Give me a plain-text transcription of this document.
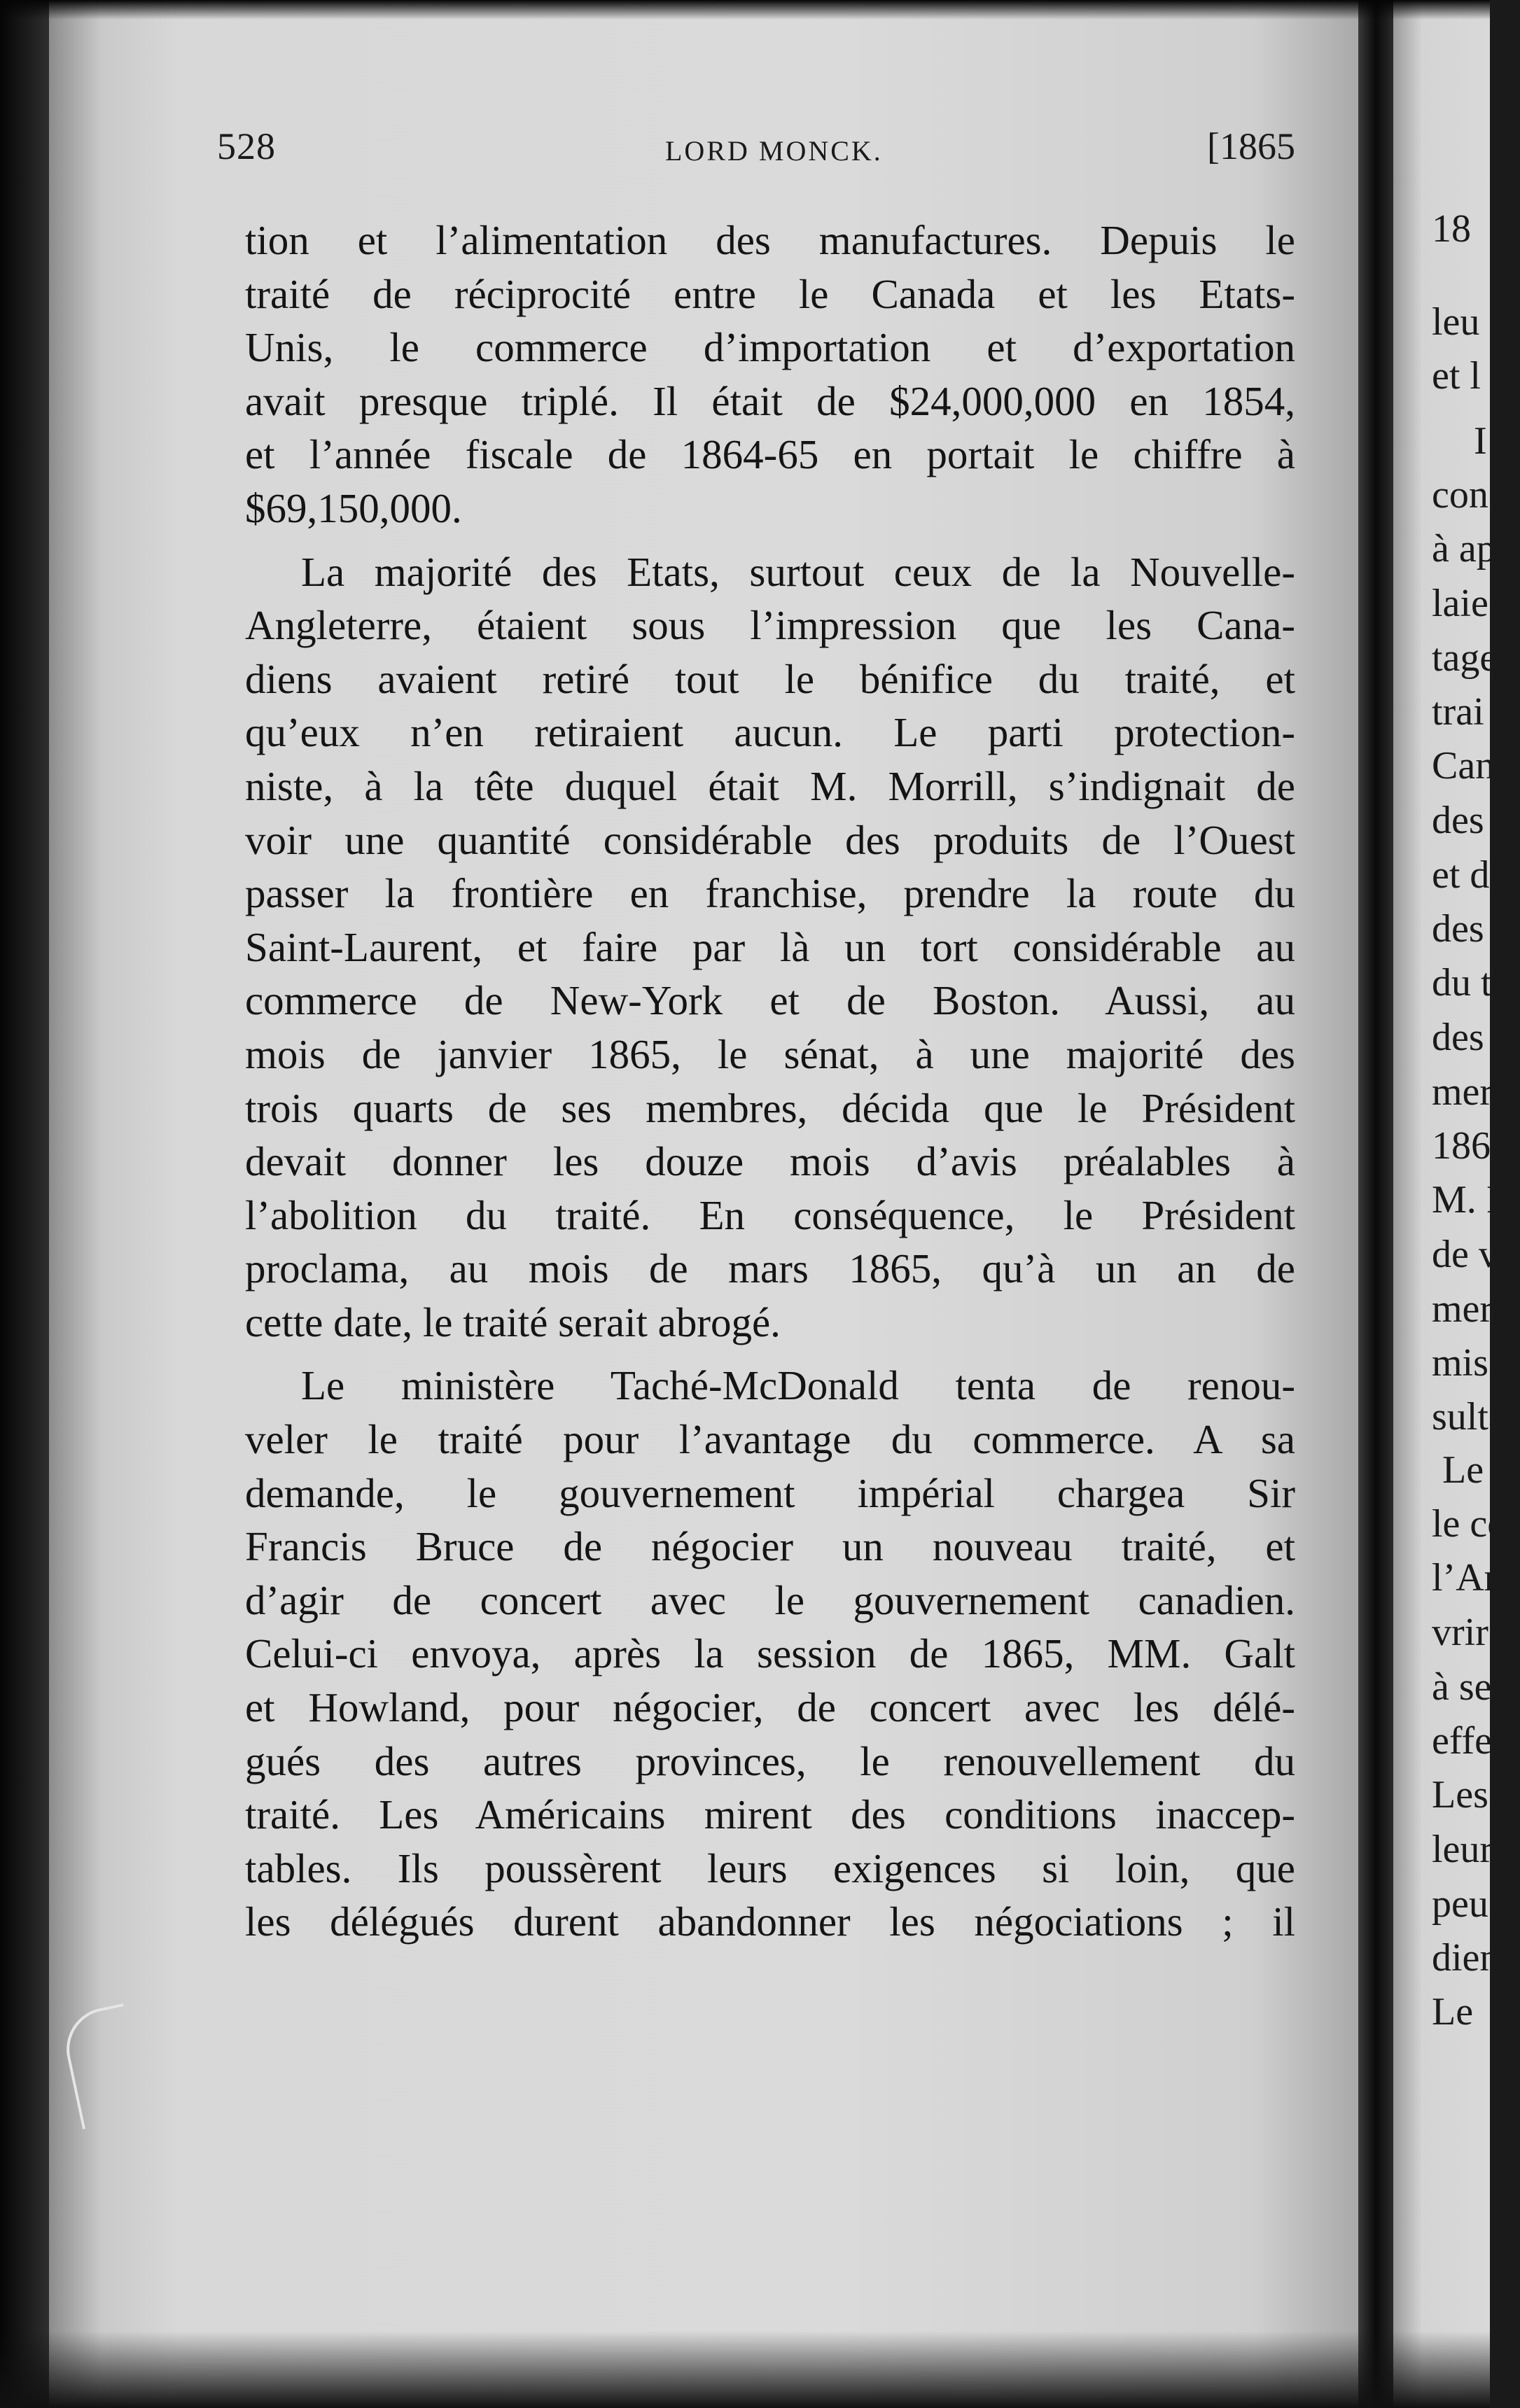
528	LORD MONCK.	[1865
tion et l’alimentation des manufactures. Depuis le
traité de réciprocité entre le Canada et les Etats-
Unis, le commerce d’importation et d’exportation
avait presque triplé. Il était de $24,000,000 en 1854,
et l’année fiscale de 1864-65 en portait le chiffre à
$69,150,000.
La majorité des Etats, surtout ceux de la Nouvelle-
Angleterre, étaient sous l’impression que les Cana-
diens avaient retiré tout le bénifice du traité, et
qu’eux n’en retiraient aucun. Le parti protection-
niste, à la tête duquel était M. Morrill, s’indignait de
voir une quantité considérable des produits de l’Ouest
passer la frontière en franchise, prendre la route du
Saint-Laurent, et faire par là un tort considérable au
commerce de New-York et de Boston. Aussi, au
mois de janvier 1865, le sénat, à une majorité des
trois quarts de ses membres, décida que le Président
devait donner les douze mois d’avis préalables à
l’abolition du traité. En conséquence, le Président
proclama, au mois de mars 1865, qu’à un an de
cette date, le traité serait abrogé.
Le ministère Taché-McDonald tenta de renou-
veler le traité pour l’avantage du commerce. A sa
demande, le gouvernement impérial chargea Sir
Francis Bruce de négocier un nouveau traité, et
d’agir de concert avec le gouvernement canadien.
Celui-ci envoya, après la session de 1865, MM. Galt
et Howland, pour négocier, de concert avec les délé-
gués des autres provinces, le renouvellement du
traité. Les Américains mirent des conditions inaccep-
tables. Ils poussèrent leurs exigences si loin, que
les délégués durent abandonner les négociations ; il
18
leu
et l
I
con
à ap
laie
tage
trai
Can
des
et d
des p
du t
des
merc
1865
M. I
de v
merc
miss
sulta
Le
le co
l’Am
vrire
à se
effect
Les
leur
peu ;
diens
Le
